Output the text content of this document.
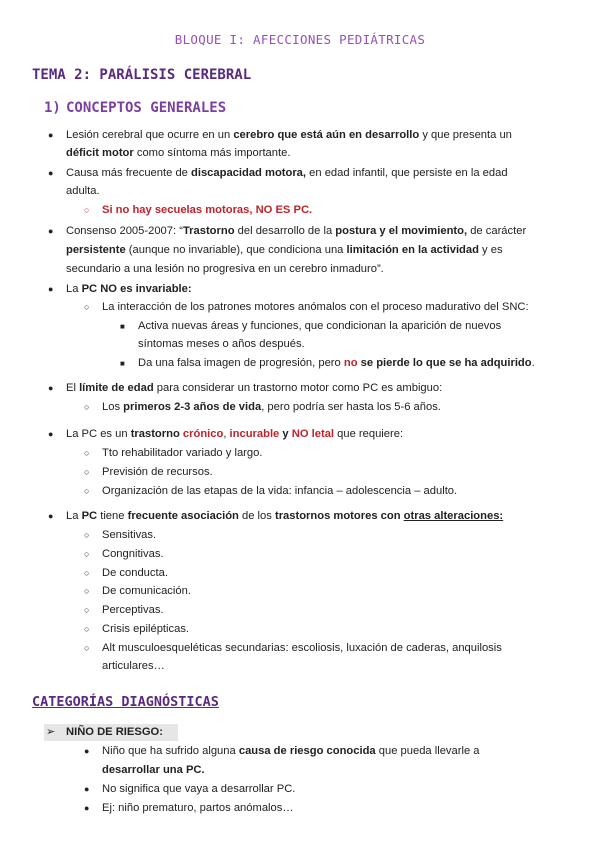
BLOQUE I: AFECCIONES PEDIÁTRICAS
TEMA 2: PARÁLISIS CEREBRAL
1) CONCEPTOS GENERALES
● Lesión cerebral que ocurre en un cerebro que está aún en desarrollo y que presenta un
déficit motor como síntoma más importante.
● Causa más frecuente de discapacidad motora, en edad infantil, que persiste en la edad
adulta.
○ Si no hay secuelas motoras, NO ES PC.
● Consenso 2005-2007: “Trastorno del desarrollo de la postura y el movimiento, de carácter
persistente (aunque no invariable), que condiciona una limitación en la actividad y es
secundario a una lesión no progresiva en un cerebro inmaduro”.
● La PC NO es invariable:
○ La interacción de los patrones motores anómalos con el proceso madurativo del SNC:
■ Activa nuevas áreas y funciones, que condicionan la aparición de nuevos
síntomas meses o años después.
■ Da una falsa imagen de progresión, pero no se pierde lo que se ha adquirido.
● El límite de edad para considerar un trastorno motor como PC es ambiguo:
○ Los primeros 2-3 años de vida, pero podría ser hasta los 5-6 años.
● La PC es un trastorno crónico, incurable y NO letal que requiere:
○ Tto rehabilitador variado y largo.
○ Previsión de recursos.
○ Organización de las etapas de la vida: infancia – adolescencia – adulto.
● La PC tiene frecuente asociación de los trastornos motores con otras alteraciones:
○ Sensitivas.
○ Congnitivas.
○ De conducta.
○ De comunicación.
○ Perceptivas.
○ Crisis epilépticas.
○ Alt musculoesqueléticas secundarias: escoliosis, luxación de caderas, anquilosis
articulares…
CATEGORÍAS DIAGNÓSTICAS
➢ NIÑO DE RIESGO:
● Niño que ha sufrido alguna causa de riesgo conocida que pueda llevarle a
desarrollar una PC.
● No significa que vaya a desarrollar PC.
● Ej: niño prematuro, partos anómalos…
